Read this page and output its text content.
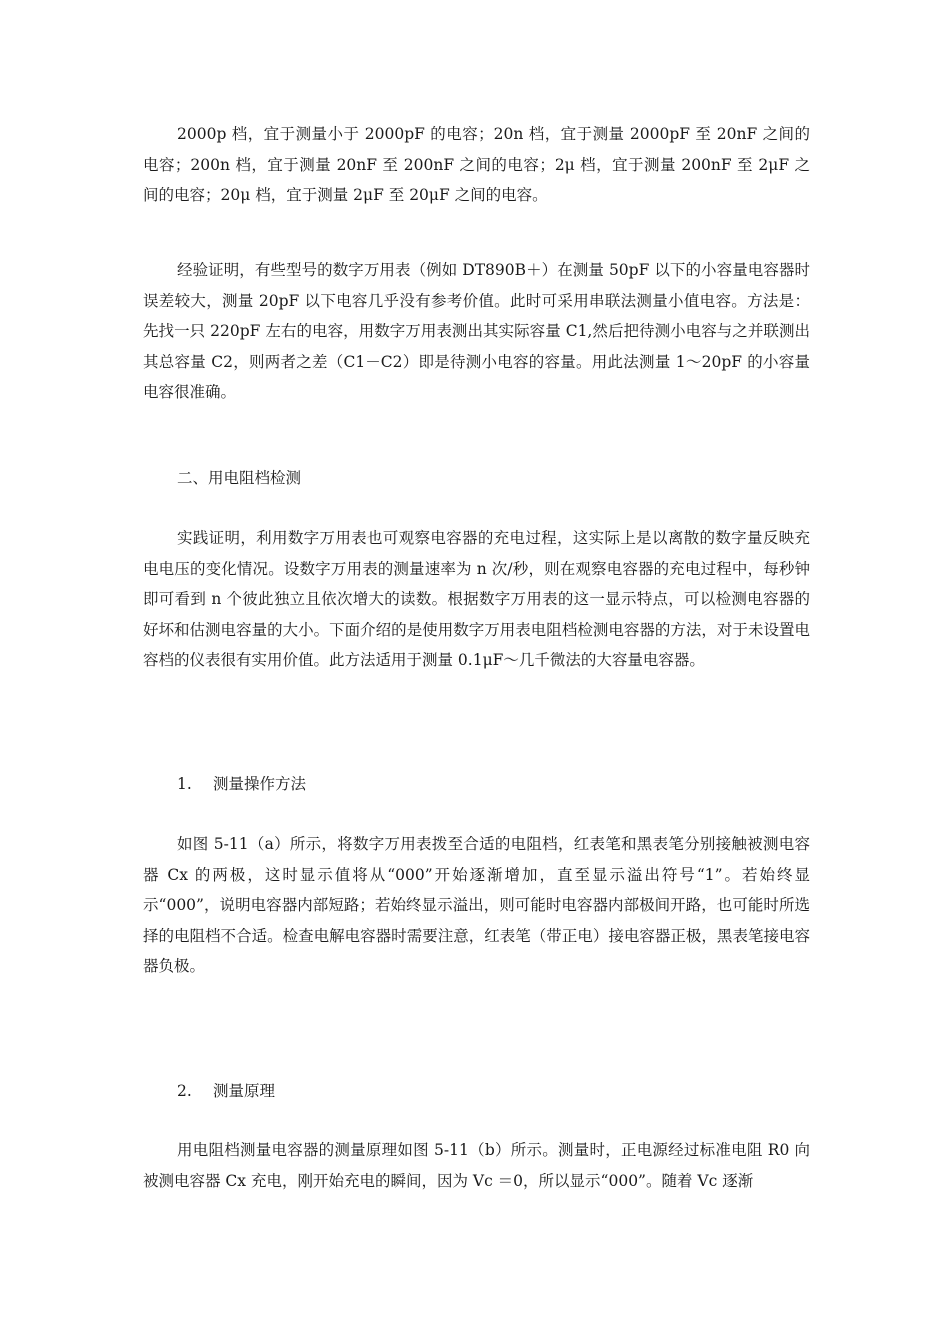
2000p 档，宜于测量小于 2000pF 的电容；20n 档，宜于测量 2000pF 至 20nF 之间的电容；200n 档，宜于测量 20nF 至 200nF 之间的电容；2μ 档，宜于测量 200nF 至 2μF 之间的电容；20μ 档，宜于测量 2μF 至 20μF 之间的电容。

经验证明，有些型号的数字万用表（例如 DT890B＋）在测量 50pF 以下的小容量电容器时误差较大，测量 20pF 以下电容几乎没有参考价值。此时可采用串联法测量小值电容。方法是：先找一只 220pF 左右的电容，用数字万用表测出其实际容量 C1,然后把待测小电容与之并联测出其总容量 C2，则两者之差（C1－C2）即是待测小电容的容量。用此法测量 1～20pF 的小容量电容很准确。

二、用电阻档检测

实践证明，利用数字万用表也可观察电容器的充电过程，这实际上是以离散的数字量反映充电电压的变化情况。设数字万用表的测量速率为 n 次/秒，则在观察电容器的充电过程中，每秒钟即可看到 n 个彼此独立且依次增大的读数。根据数字万用表的这一显示特点，可以检测电容器的好坏和估测电容量的大小。下面介绍的是使用数字万用表电阻档检测电容器的方法，对于未设置电容档的仪表很有实用价值。此方法适用于测量 0.1μF～几千微法的大容量电容器。

1. 测量操作方法

如图 5-11（a）所示，将数字万用表拨至合适的电阻档，红表笔和黑表笔分别接触被测电容器 Cx 的两极，这时显示值将从“000”开始逐渐增加，直至显示溢出符号“1”。若始终显示“000”，说明电容器内部短路；若始终显示溢出，则可能时电容器内部极间开路，也可能时所选择的电阻档不合适。检查电解电容器时需要注意，红表笔（带正电）接电容器正极，黑表笔接电容器负极。

2. 测量原理

用电阻档测量电容器的测量原理如图 5-11（b）所示。测量时，正电源经过标准电阻 R0 向被测电容器 Cx 充电，刚开始充电的瞬间，因为 Vc ＝0，所以显示“000”。随着 Vc 逐渐
